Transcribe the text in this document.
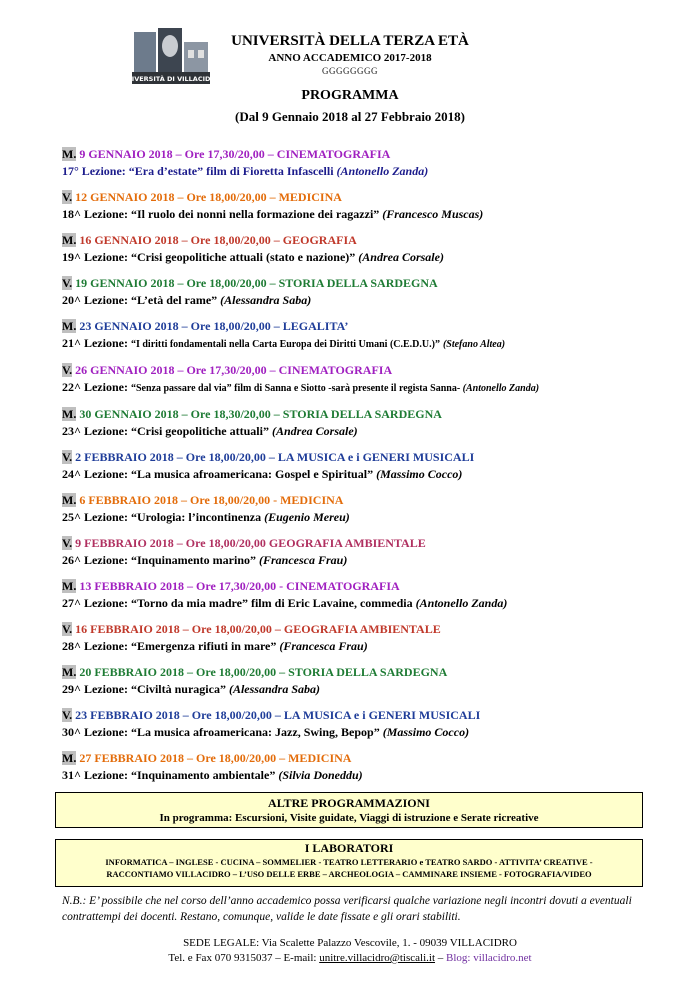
UNIVERSITÀ DI VILLACIDRO
UNIVERSITÀ DELLA TERZA ETÀ
ANNO ACCADEMICO 2017-2018
GGGGGGGG
PROGRAMMA
(Dal 9 Gennaio 2018 al 27 Febbraio 2018)
M. 9 GENNAIO 2018 – Ore 17,30/20,00 – CINEMATOGRAFIA
17° Lezione: “Era d’estate” film di Fioretta Infascelli (Antonello Zanda)
V. 12 GENNAIO 2018 – Ore 18,00/20,00 – MEDICINA
18^ Lezione: “Il ruolo dei nonni nella formazione dei ragazzi” (Francesco Muscas)
M. 16 GENNAIO 2018 – Ore 18,00/20,00 – GEOGRAFIA
19^ Lezione: “Crisi geopolitiche attuali (stato e nazione)” (Andrea Corsale)
V. 19 GENNAIO 2018 – Ore 18,00/20,00 – STORIA DELLA SARDEGNA
20^ Lezione: “L’età del rame” (Alessandra Saba)
M. 23 GENNAIO 2018 – Ore 18,00/20,00 – LEGALITA’
21^ Lezione: “I diritti fondamentali nella Carta Europa dei Diritti Umani (C.E.D.U.)” (Stefano Altea)
V. 26 GENNAIO 2018 – Ore 17,30/20,00 – CINEMATOGRAFIA
22^ Lezione: “Senza passare dal via” film di Sanna e Siotto -sarà presente il regista Sanna- (Antonello Zanda)
M. 30 GENNAIO 2018 – Ore 18,30/20,00 – STORIA DELLA SARDEGNA
23^ Lezione: “Crisi geopolitiche attuali” (Andrea Corsale)
V. 2 FEBBRAIO 2018 – Ore 18,00/20,00 – LA MUSICA e i GENERI MUSICALI
24^ Lezione: “La musica afroamericana: Gospel e Spiritual” (Massimo Cocco)
M. 6 FEBBRAIO 2018 – Ore 18,00/20,00 - MEDICINA
25^ Lezione: “Urologia: l’incontinenza (Eugenio Mereu)
V. 9 FEBBRAIO 2018 – Ore 18,00/20,00 GEOGRAFIA AMBIENTALE
26^ Lezione: “Inquinamento marino” (Francesca Frau)
M. 13 FEBBRAIO 2018 – Ore 17,30/20,00 - CINEMATOGRAFIA
27^ Lezione: “Torno da mia madre” film di Eric Lavaine, commedia (Antonello Zanda)
V. 16 FEBBRAIO 2018 – Ore 18,00/20,00 – GEOGRAFIA AMBIENTALE
28^ Lezione: “Emergenza rifiuti in mare” (Francesca Frau)
M. 20 FEBBRAIO 2018 – Ore 18,00/20,00 – STORIA DELLA SARDEGNA
29^ Lezione: “Civiltà nuragica” (Alessandra Saba)
V. 23 FEBBRAIO 2018 – Ore 18,00/20,00 – LA MUSICA e i GENERI MUSICALI
30^ Lezione: “La musica afroamericana: Jazz, Swing, Bepop” (Massimo Cocco)
M. 27 FEBBRAIO 2018 – Ore 18,00/20,00 – MEDICINA
31^ Lezione: “Inquinamento ambientale” (Silvia Doneddu)
ALTRE PROGRAMMAZIONI
In programma: Escursioni, Visite guidate, Viaggi di istruzione e Serate ricreative
I LABORATORI
INFORMATICA – INGLESE - CUCINA – SOMMELIER - TEATRO LETTERARIO e TEATRO SARDO - ATTIVITA’ CREATIVE -
RACCONTIAMO VILLACIDRO – L’USO DELLE ERBE – ARCHEOLOGIA – CAMMINARE INSIEME - FOTOGRAFIA/VIDEO
N.B.: E’ possibile che nel corso dell’anno accademico possa verificarsi qualche variazione negli incontri dovuti a eventuali contrattempi dei docenti. Restano, comunque, valide le date fissate e gli orari stabiliti.
SEDE LEGALE: Via Scalette Palazzo Vescovile, 1. - 09039 VILLACIDRO
Tel. e Fax 070 9315037 – E-mail: unitre.villacidro@tiscali.it – Blog: villacidro.net
